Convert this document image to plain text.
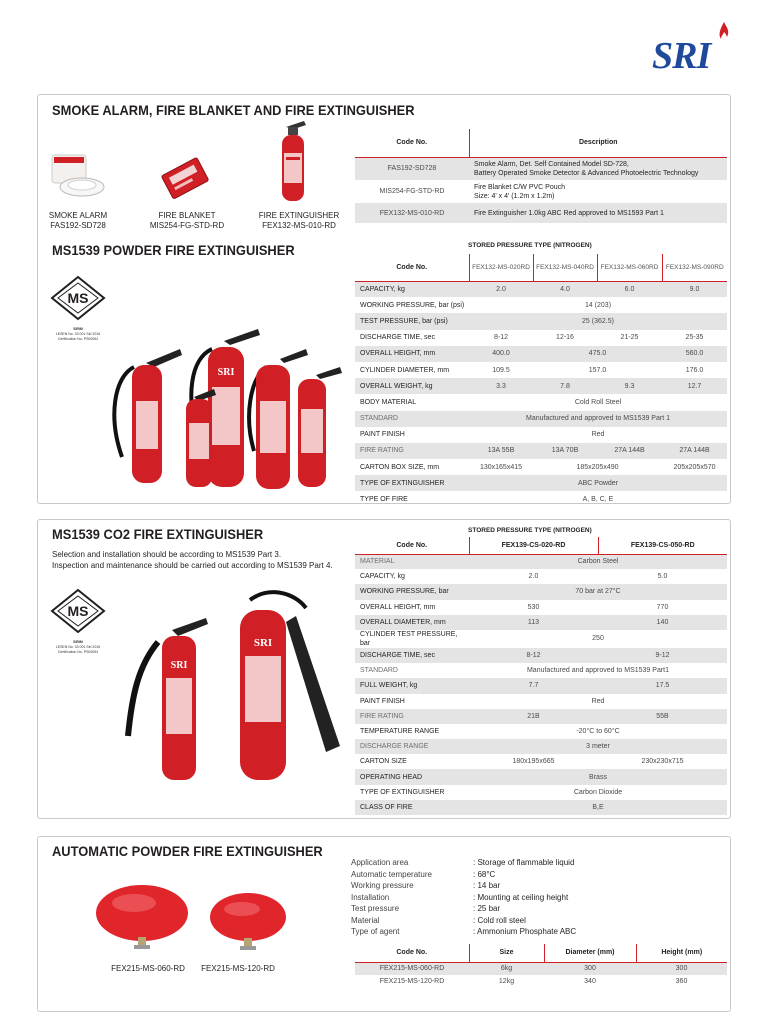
SRI
SMOKE ALARM, FIRE BLANKET AND FIRE EXTINGUISHER
SMOKE ALARM
FAS192-SD728
FIRE BLANKET
MIS254-FG-STD-RD
FIRE EXTINGUISHER
FEX132-MS-010-RD
Code No.	Description
FAS192-SD728	Smoke Alarm, Det. Self Contained Model SD-728,
Battery Operated Smoke Detector & Advanced Photoelectric Technology

MIS254-FG-STD-RD	Fire Blanket C/W PVC Pouch
Size: 4' x 4' (1.2m x 1.2m)

FEX132-MS-010-RD	Fire Extinguisher 1.0kg ABC Red approved to MS1593 Part 1
MS1539 POWDER FIRE EXTINGUISHER
MS
SIRIM
LESEN No. 33 001 Siri 2016
Certification No. PS00054
SRI
STORED PRESSURE TYPE (NITROGEN)
Code No.	FEX132-MS-020RD	FEX132-MS-040RD	FEX132-MS-060RD	FEX132-MS-090RD
CAPACITY, kg	2.0	4.0	6.0	9.0
WORKING PRESSURE, bar (psi)	14 (203)			
TEST PRESSURE, bar (psi)	25 (362.5)			
DISCHARGE TIME, sec	8-12	12-16	21-25	25-35
OVERALL HEIGHT, mm	400.0	475.0		560.0
CYLINDER DIAMETER, mm	109.5	157.0		176.0
OVERALL WEIGHT, kg	3.3	7.8	9.3	12.7
BODY MATERIAL	Cold Roll Steel			
STANDARD	Manufactured and approved to MS1539 Part 1			
PAINT FINISH	Red			
FIRE RATING	13A 55B	13A 70B	27A 144B	27A 144B
CARTON BOX SIZE, mm	130x165x415	185x205x490		205x205x570
TYPE OF EXTINGUISHER	ABC Powder			
TYPE OF FIRE	A, B, C, E			
MS1539 CO2 FIRE EXTINGUISHER
Selection and installation should be according to MS1539 Part 3.
Inspection and maintenance should be carried out according to MS1539 Part 4.
MS
SIRIM
LESEN No. 33 001 Siri 2016
Certification No. PS00054
SRI
SRI
STORED PRESSURE TYPE (NITROGEN)
Code No.	FEX139-CS-020-RD	FEX139-CS-050-RD
MATERIAL	Carbon Steel	
CAPACITY, kg	2.0	5.0
WORKING PRESSURE, bar	70 bar at 27°C	
OVERALL HEIGHT, mm	530	770
OVERALL DIAMETER, mm	113	140
CYLINDER TEST PRESSURE, bar	250	
DISCHARGE TIME, sec	8-12	9-12
STANDARD	Manufactured and approved to MS1539 Part1	
FULL WEIGHT, kg	7.7	17.5
PAINT FINISH	Red	
FIRE RATING	21B	55B
TEMPERATURE RANGE	-20°C to 60°C	
DISCHARGE RANGE	3 meter	
CARTON SIZE	180x195x665	230x230x715
OPERATING HEAD	Brass	
TYPE OF EXTINGUISHER	Carbon Dioxide	
CLASS OF FIRE	B,E	
AUTOMATIC POWDER FIRE EXTINGUISHER
FEX215-MS-060-RD	FEX215-MS-120-RD
Application area	: Storage of flammable liquid
Automatic temperature	: 68°C
Working pressure	: 14 bar
Installation	: Mounting at ceiling height
Test pressure	: 25 bar
Material	: Cold roll steel
Type of agent	: Ammonium Phosphate ABC
Code No.	Size	Diameter (mm)	Height (mm)
FEX215-MS-060-RD	6kg	300	300
FEX215-MS-120-RD	12kg	340	360
